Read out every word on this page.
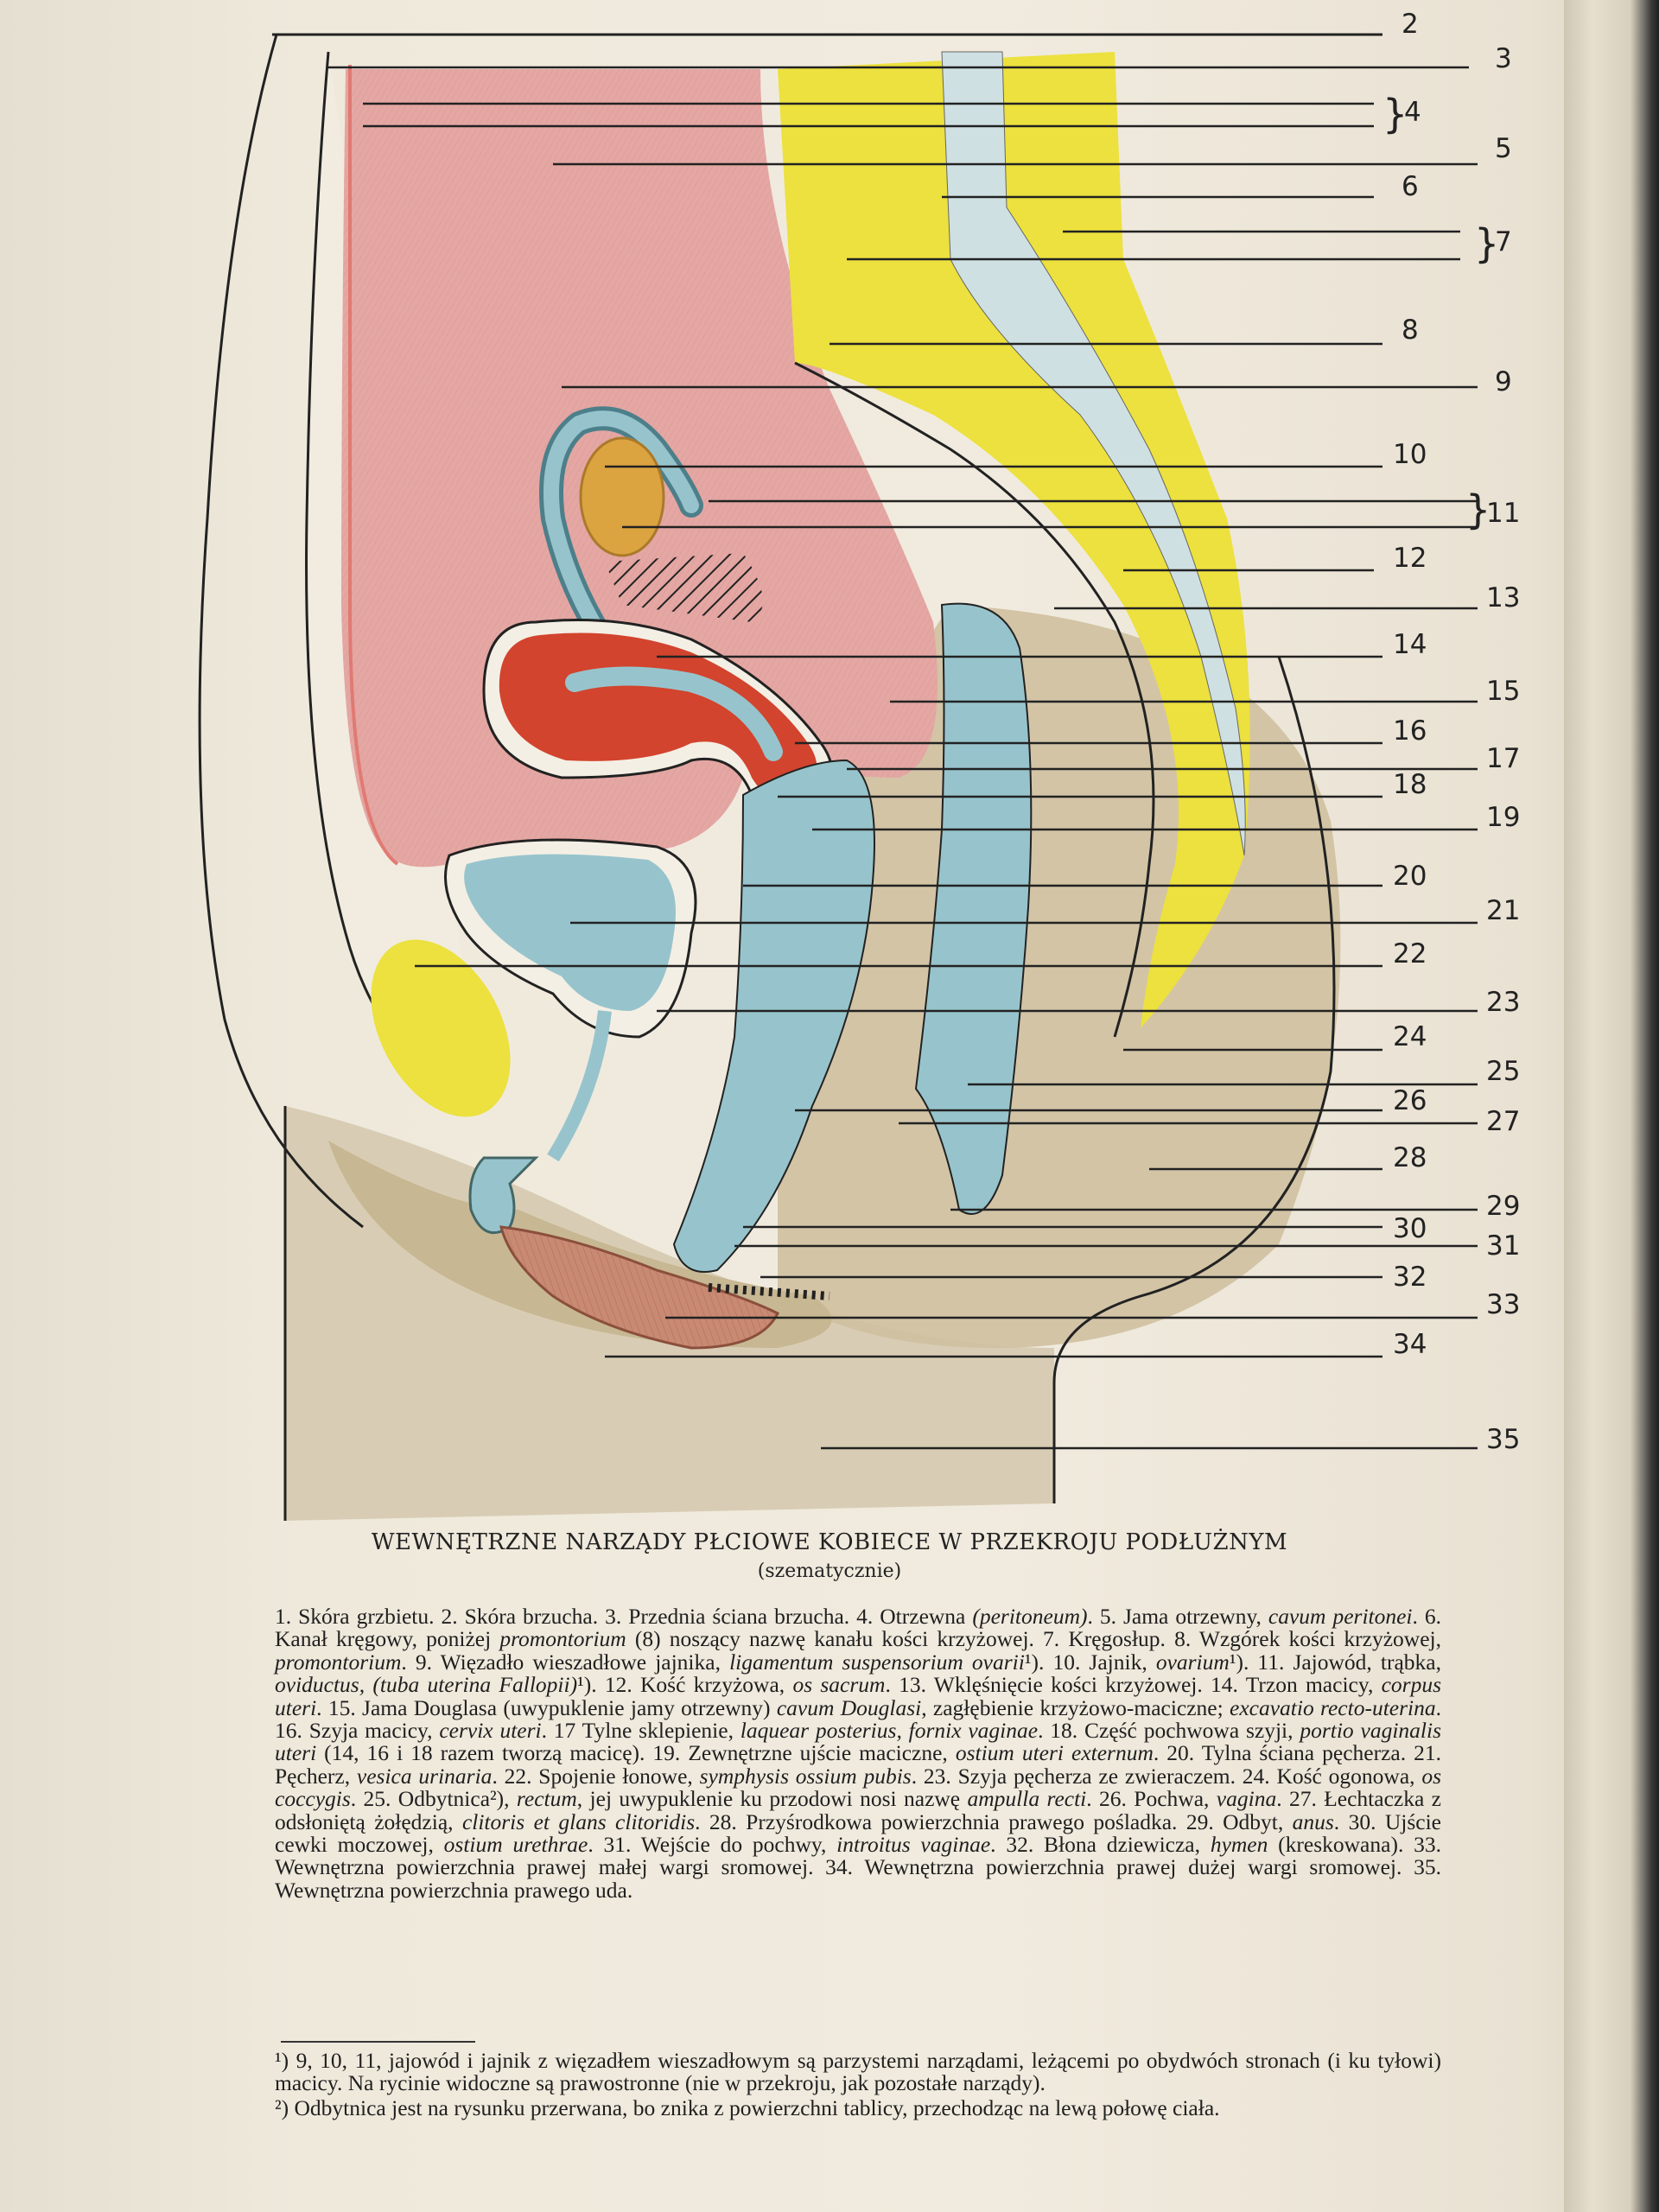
2
3
}
4
5
6
}
7
8
9
10
}
11
12
13
14
15
16
17
18
19
20
21
22
23
24
25
26
27
28
29
30
31
32
33
34
35
WEWNĘTRZNE NARZĄDY PŁCIOWE KOBIECE W PRZEKROJU PODŁUŻNYM
(szematycznie)
1. Skóra grzbietu. 2. Skóra brzucha. 3. Przednia ściana brzucha. 4. Otrzewna (peritoneum). 5. Jama otrzewny, cavum peritonei. 6. Kanał kręgowy, poniżej promontorium (8) noszący nazwę kanału kości krzyżowej. 7. Kręgosłup. 8. Wzgórek kości krzyżowej, promontorium. 9. Więzadło wieszadłowe jajnika, ligamentum suspensorium ovarii¹). 10. Jajnik, ovarium¹). 11. Jajowód, trąbka, oviductus, (tuba uterina Fallopii)¹). 12. Kość krzyżowa, os sacrum. 13. Wklęśnięcie kości krzyżowej. 14. Trzon macicy, corpus uteri. 15. Jama Douglasa (uwypuklenie jamy otrzewny) cavum Douglasi, zagłębienie krzyżowo-maciczne; excavatio recto-uterina. 16. Szyja macicy, cervix uteri. 17 Tylne sklepienie, laquear posterius, fornix vaginae. 18. Część pochwowa szyji, portio vaginalis uteri (14, 16 i 18 razem tworzą macicę). 19. Zewnętrzne ujście maciczne, ostium uteri externum. 20. Tylna ściana pęcherza. 21. Pęcherz, vesica urinaria. 22. Spojenie łonowe, symphysis ossium pubis. 23. Szyja pęcherza ze zwieraczem. 24. Kość ogonowa, os coccygis. 25. Odbytnica²), rectum, jej uwypuklenie ku przodowi nosi nazwę ampulla recti. 26. Pochwa, vagina. 27. Łechtaczka z odsłoniętą żołędzią, clitoris et glans clitoridis. 28. Przyśrodkowa powierzchnia prawego pośladka. 29. Odbyt, anus. 30. Ujście cewki moczowej, ostium urethrae. 31. Wejście do pochwy, introitus vaginae. 32. Błona dziewicza, hymen (kreskowana). 33. Wewnętrzna powierzchnia prawej małej wargi sromowej. 34. Wewnętrzna powierzchnia prawej dużej wargi sromowej. 35. Wewnętrzna powierzchnia prawego uda.

¹) 9, 10, 11, jajowód i jajnik z więzadłem wieszadłowym są parzystemi narządami, leżącemi po obydwóch stronach (i ku tyłowi) macicy. Na rycinie widoczne są prawostronne (nie w przekroju, jak pozostałe narządy).

²) Odbytnica jest na rysunku przerwana, bo znika z powierzchni tablicy, przechodząc na lewą połowę ciała.
